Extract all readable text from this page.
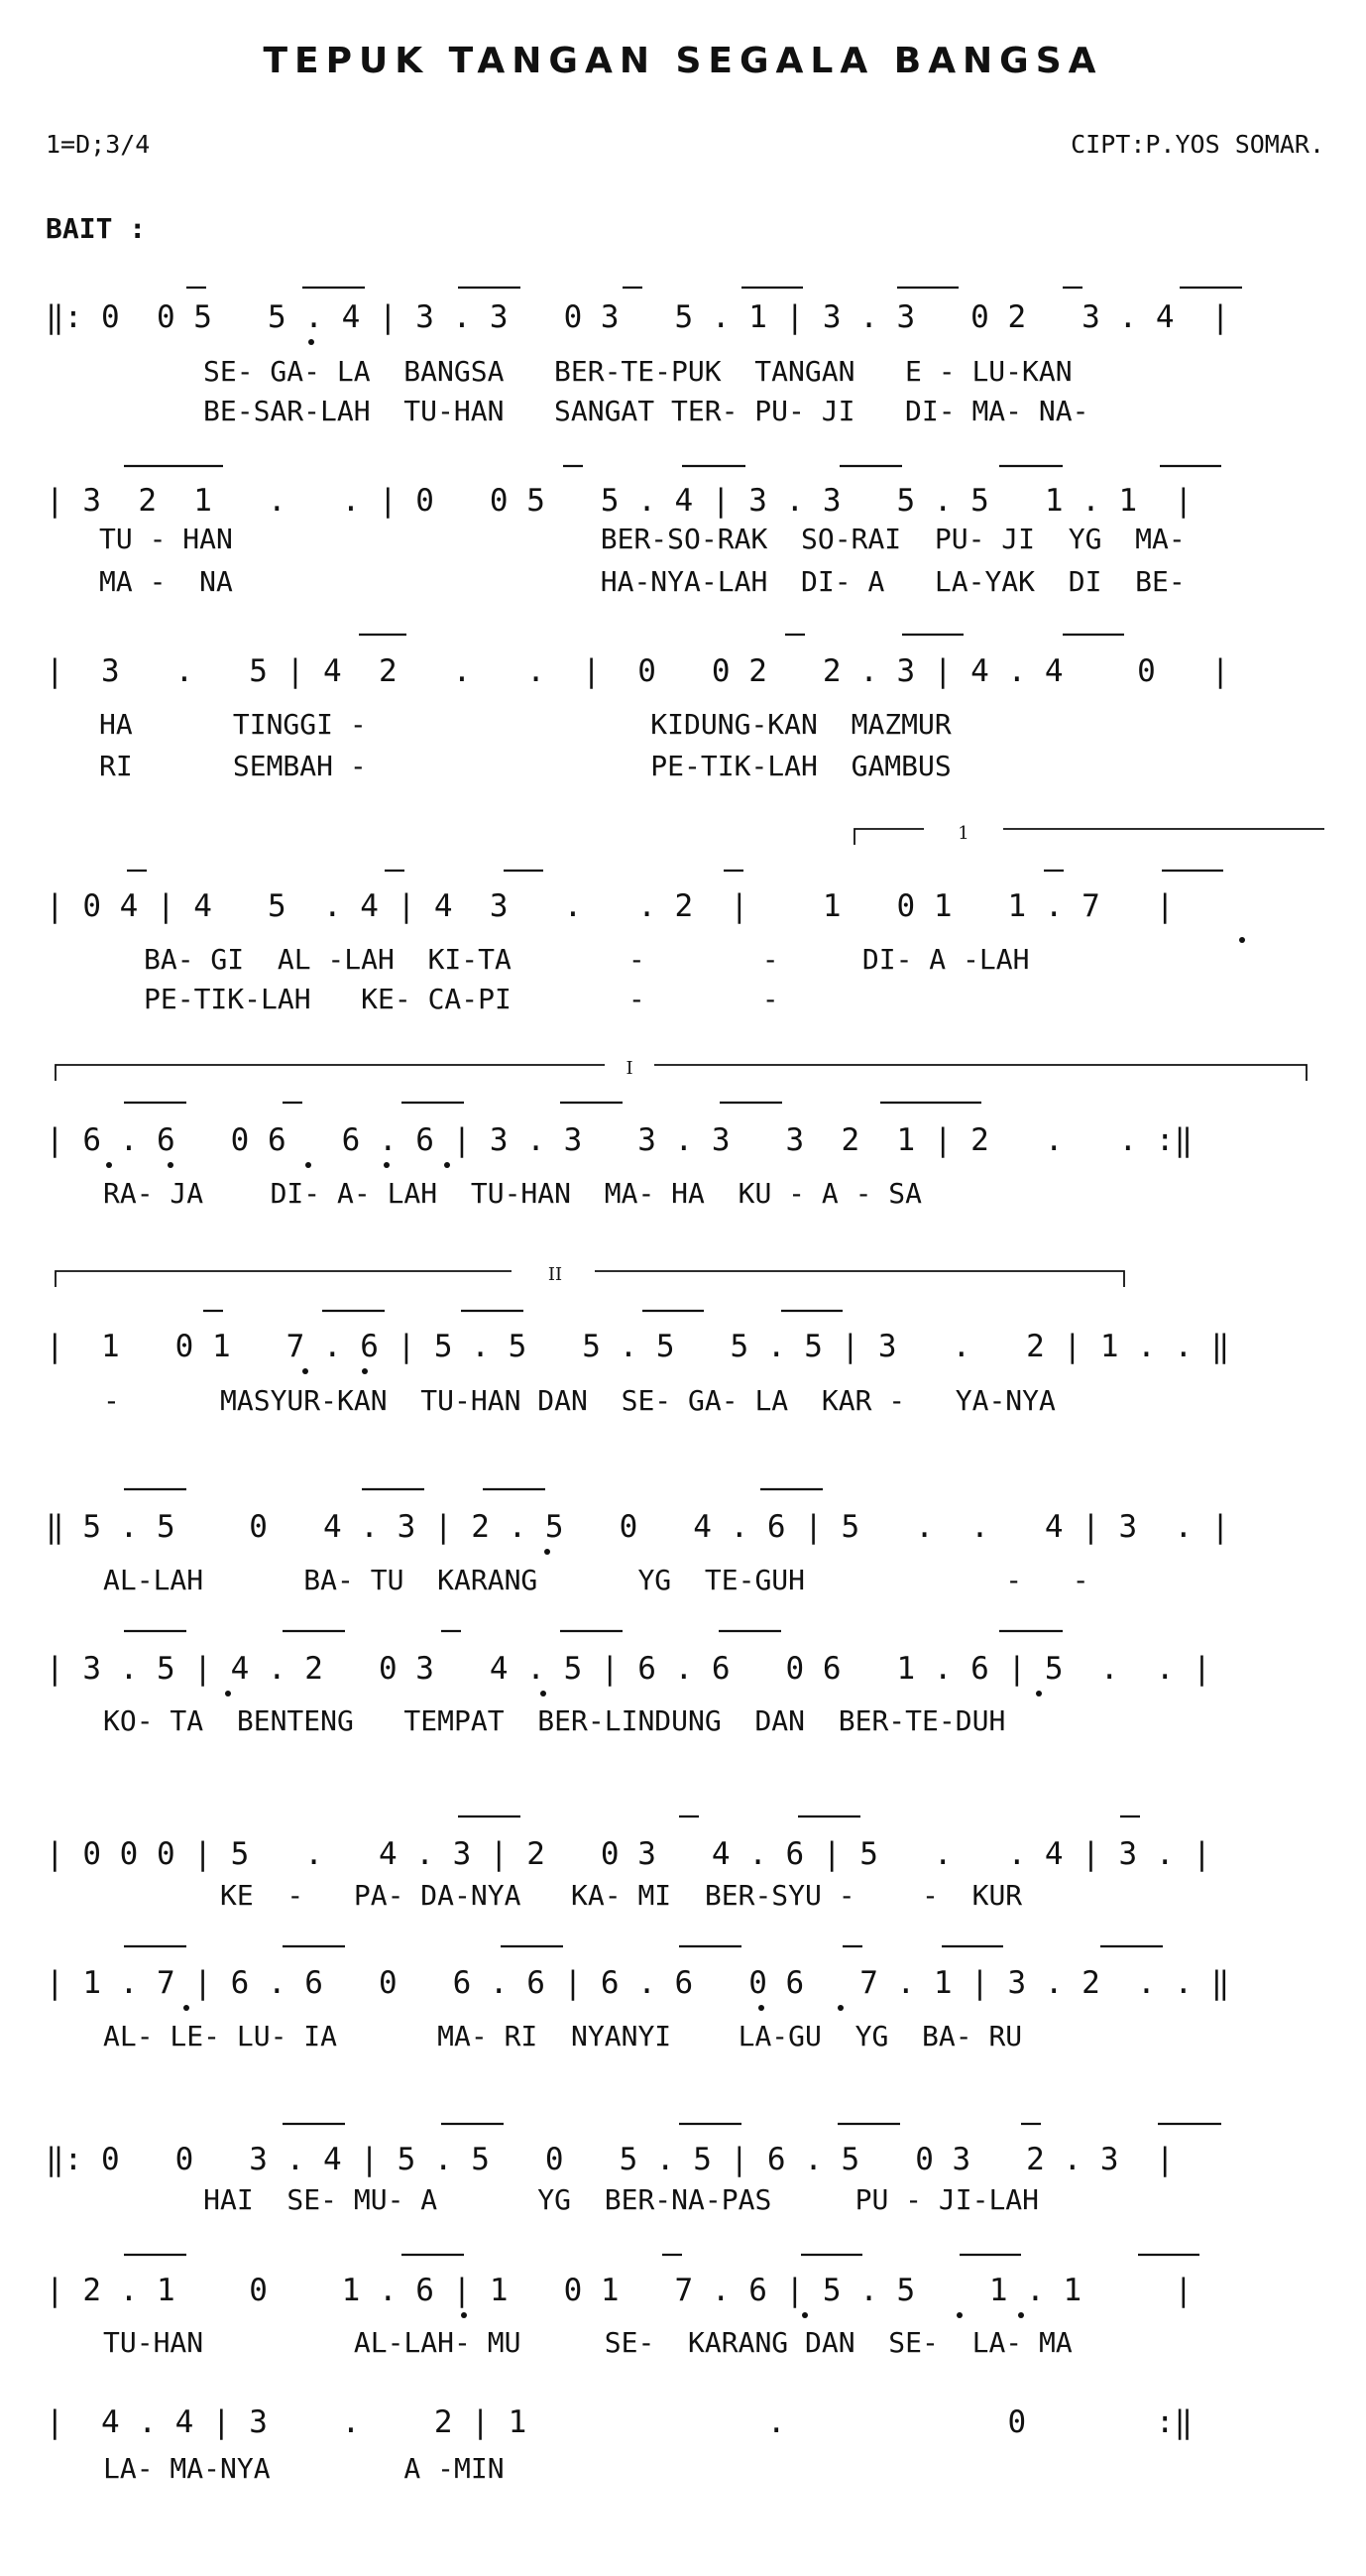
TEPUK TANGAN SEGALA BANGSA
1=D;3/4	CIPT:P.YOS SOMAR.
BAIT :
1
I
II
‖: 0  0 5   5 . 4 | 3 . 3   0 3   5 . 1 | 3 . 3   0 2   3 . 4  |
SE- GA- LA  BANGSA   BER-TE-PUK  TANGAN   E - LU-KAN
BE-SAR-LAH  TU-HAN   SANGAT TER- PU- JI   DI- MA- NA-
| 3  2  1   .   . | 0   0 5   5 . 4 | 3 . 3   5 . 5   1 . 1  |
TU - HAN                      BER-SO-RAK  SO-RAI  PU- JI  YG  MA-
MA -  NA                      HA-NYA-LAH  DI- A   LA-YAK  DI  BE-
|  3   .   5 | 4  2   .   .  |  0   0 2   2 . 3 | 4 . 4    0   |
HA      TINGGI -                 KIDUNG-KAN  MAZMUR
RI      SEMBAH -                 PE-TIK-LAH  GAMBUS
| 0 4 | 4   5  . 4 | 4  3   .   . 2  |    1   0 1   1 . 7   |
BA- GI  AL -LAH  KI-TA       -       -     DI- A -LAH
PE-TIK-LAH   KE- CA-PI       -       -
| 6 . 6   0 6   6 . 6 | 3 . 3   3 . 3   3  2  1 | 2   .   . :‖
RA- JA    DI- A- LAH  TU-HAN  MA- HA  KU - A - SA
|  1   0 1   7 . 6 | 5 . 5   5 . 5   5 . 5 | 3   .   2 | 1 . . ‖
-      MASYUR-KAN  TU-HAN DAN  SE- GA- LA  KAR -   YA-NYA
‖ 5 . 5    0   4 . 3 | 2 . 5   0   4 . 6 | 5   .  .   4 | 3  . |
AL-LAH      BA- TU  KARANG      YG  TE-GUH            -   -
| 3 . 5 | 4 . 2   0 3   4 . 5 | 6 . 6   0 6   1 . 6 | 5  .  . |
KO- TA  BENTENG   TEMPAT  BER-LINDUNG  DAN  BER-TE-DUH
| 0 0 0 | 5   .   4 . 3 | 2   0 3   4 . 6 | 5   .   . 4 | 3 . |
KE  -   PA- DA-NYA   KA- MI  BER-SYU -    -  KUR
| 1 . 7 | 6 . 6   0   6 . 6 | 6 . 6   0 6   7 . 1 | 3 . 2  . . ‖
AL- LE- LU- IA      MA- RI  NYANYI    LA-GU  YG  BA- RU
‖: 0   0   3 . 4 | 5 . 5   0   5 . 5 | 6 . 5   0 3   2 . 3  |
HAI  SE- MU- A      YG  BER-NA-PAS     PU - JI-LAH
| 2 . 1    0    1 . 6 | 1   0 1   7 . 6 | 5 . 5    1 . 1     |
TU-HAN         AL-LAH- MU     SE-  KARANG DAN  SE-  LA- MA
|  4 . 4 | 3    .    2 | 1             .            0       :‖
LA- MA-NYA        A -MIN
